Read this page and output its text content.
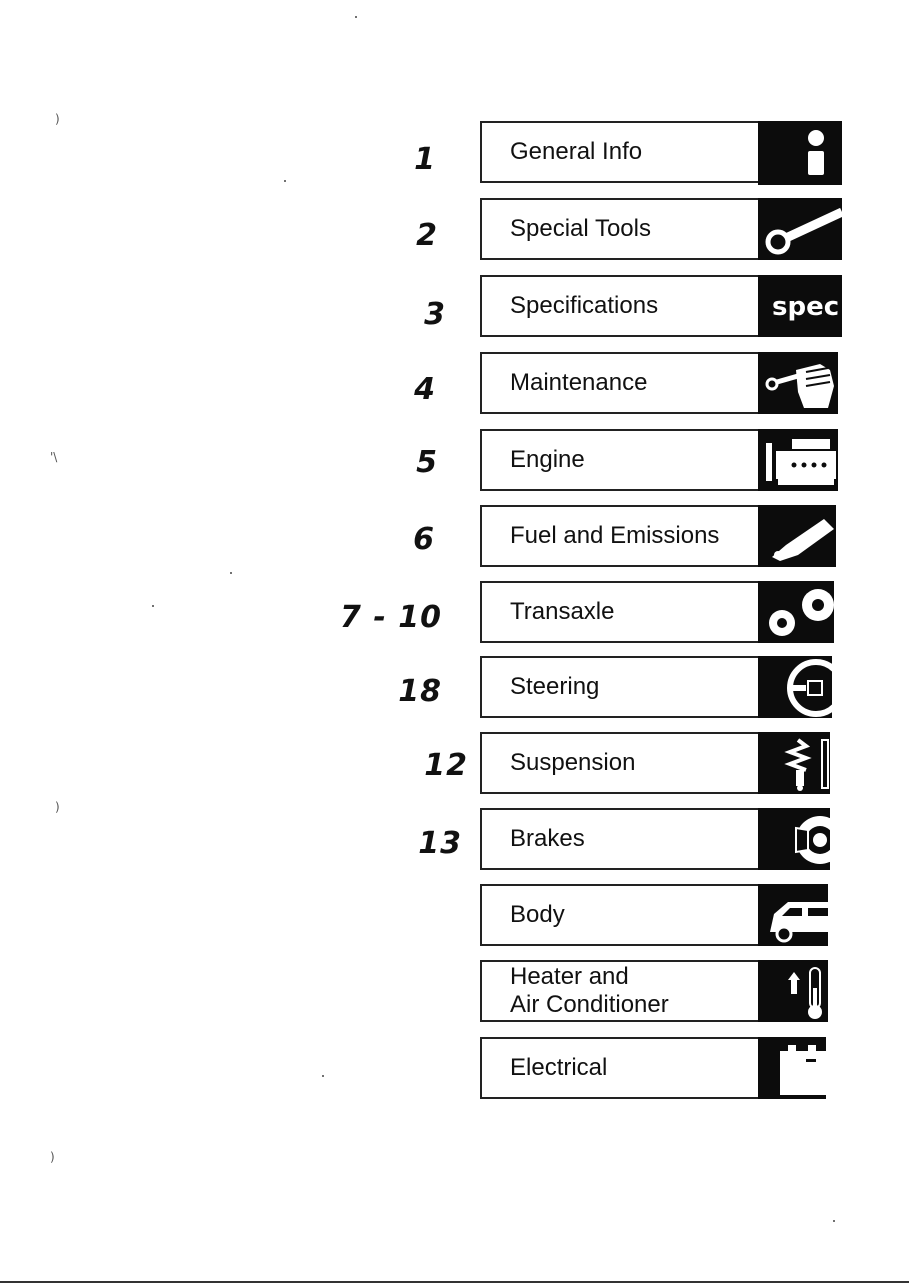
)
'\
)
)
1
2
3
4
5
6
7 - 10
18
12
13
General Info
Special Tools
Specifications	spec
Maintenance
Engine
Fuel and Emissions
Transaxle
Steering
Suspension
Brakes
Body
Heater and
Air Conditioner
Electrical
